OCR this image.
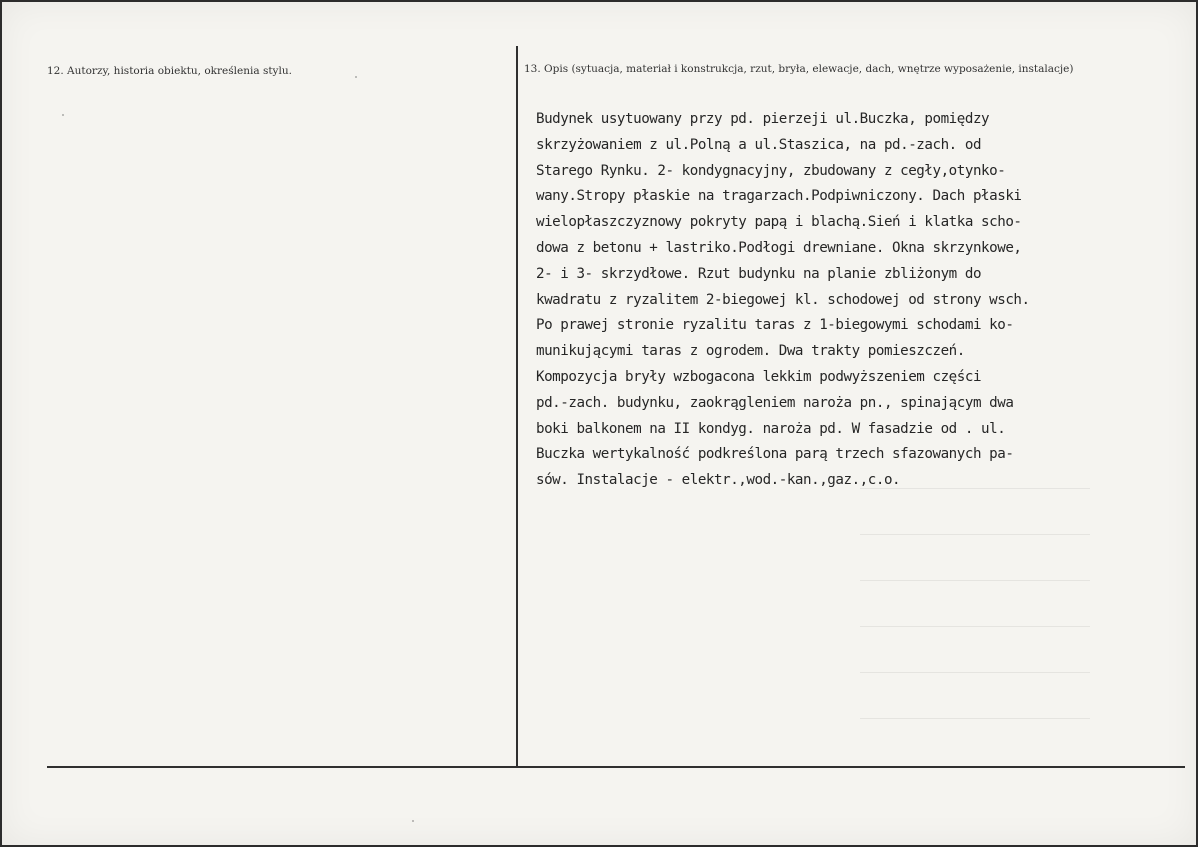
12. Autorzy, historia obiektu, określenia stylu.	13. Opis (sytuacja, materiał i konstrukcja, rzut, bryła, elewacje, dach, wnętrze wyposażenie, instalacje)
Budynek usytuowany przy pd. pierzeji ul.Buczka, pomiędzy
skrzyżowaniem z ul.Polną a ul.Staszica, na pd.-zach. od
Starego Rynku. 2- kondygnacyjny, zbudowany z cegły,otynko-
wany.Stropy płaskie na tragarzach.Podpiwniczony. Dach płaski
wielopłaszczyznowy pokryty papą i blachą.Sień i klatka scho-
dowa z betonu + lastriko.Podłogi drewniane. Okna skrzynkowe,
2- i 3- skrzydłowe. Rzut budynku na planie zbliżonym do
kwadratu z ryzalitem 2-biegowej kl. schodowej od strony wsch.
Po prawej stronie ryzalitu taras z 1-biegowymi schodami ko-
munikującymi taras z ogrodem. Dwa trakty pomieszczeń.
Kompozycja bryły wzbogacona lekkim podwyższeniem części
pd.-zach. budynku, zaokrągleniem naroża pn., spinającym dwa
boki balkonem na II kondyg. naroża pd. W fasadzie od . ul.
Buczka wertykalność podkreślona parą trzech sfazowanych pa-
sów. Instalacje - elektr.,wod.-kan.,gaz.,c.o.
